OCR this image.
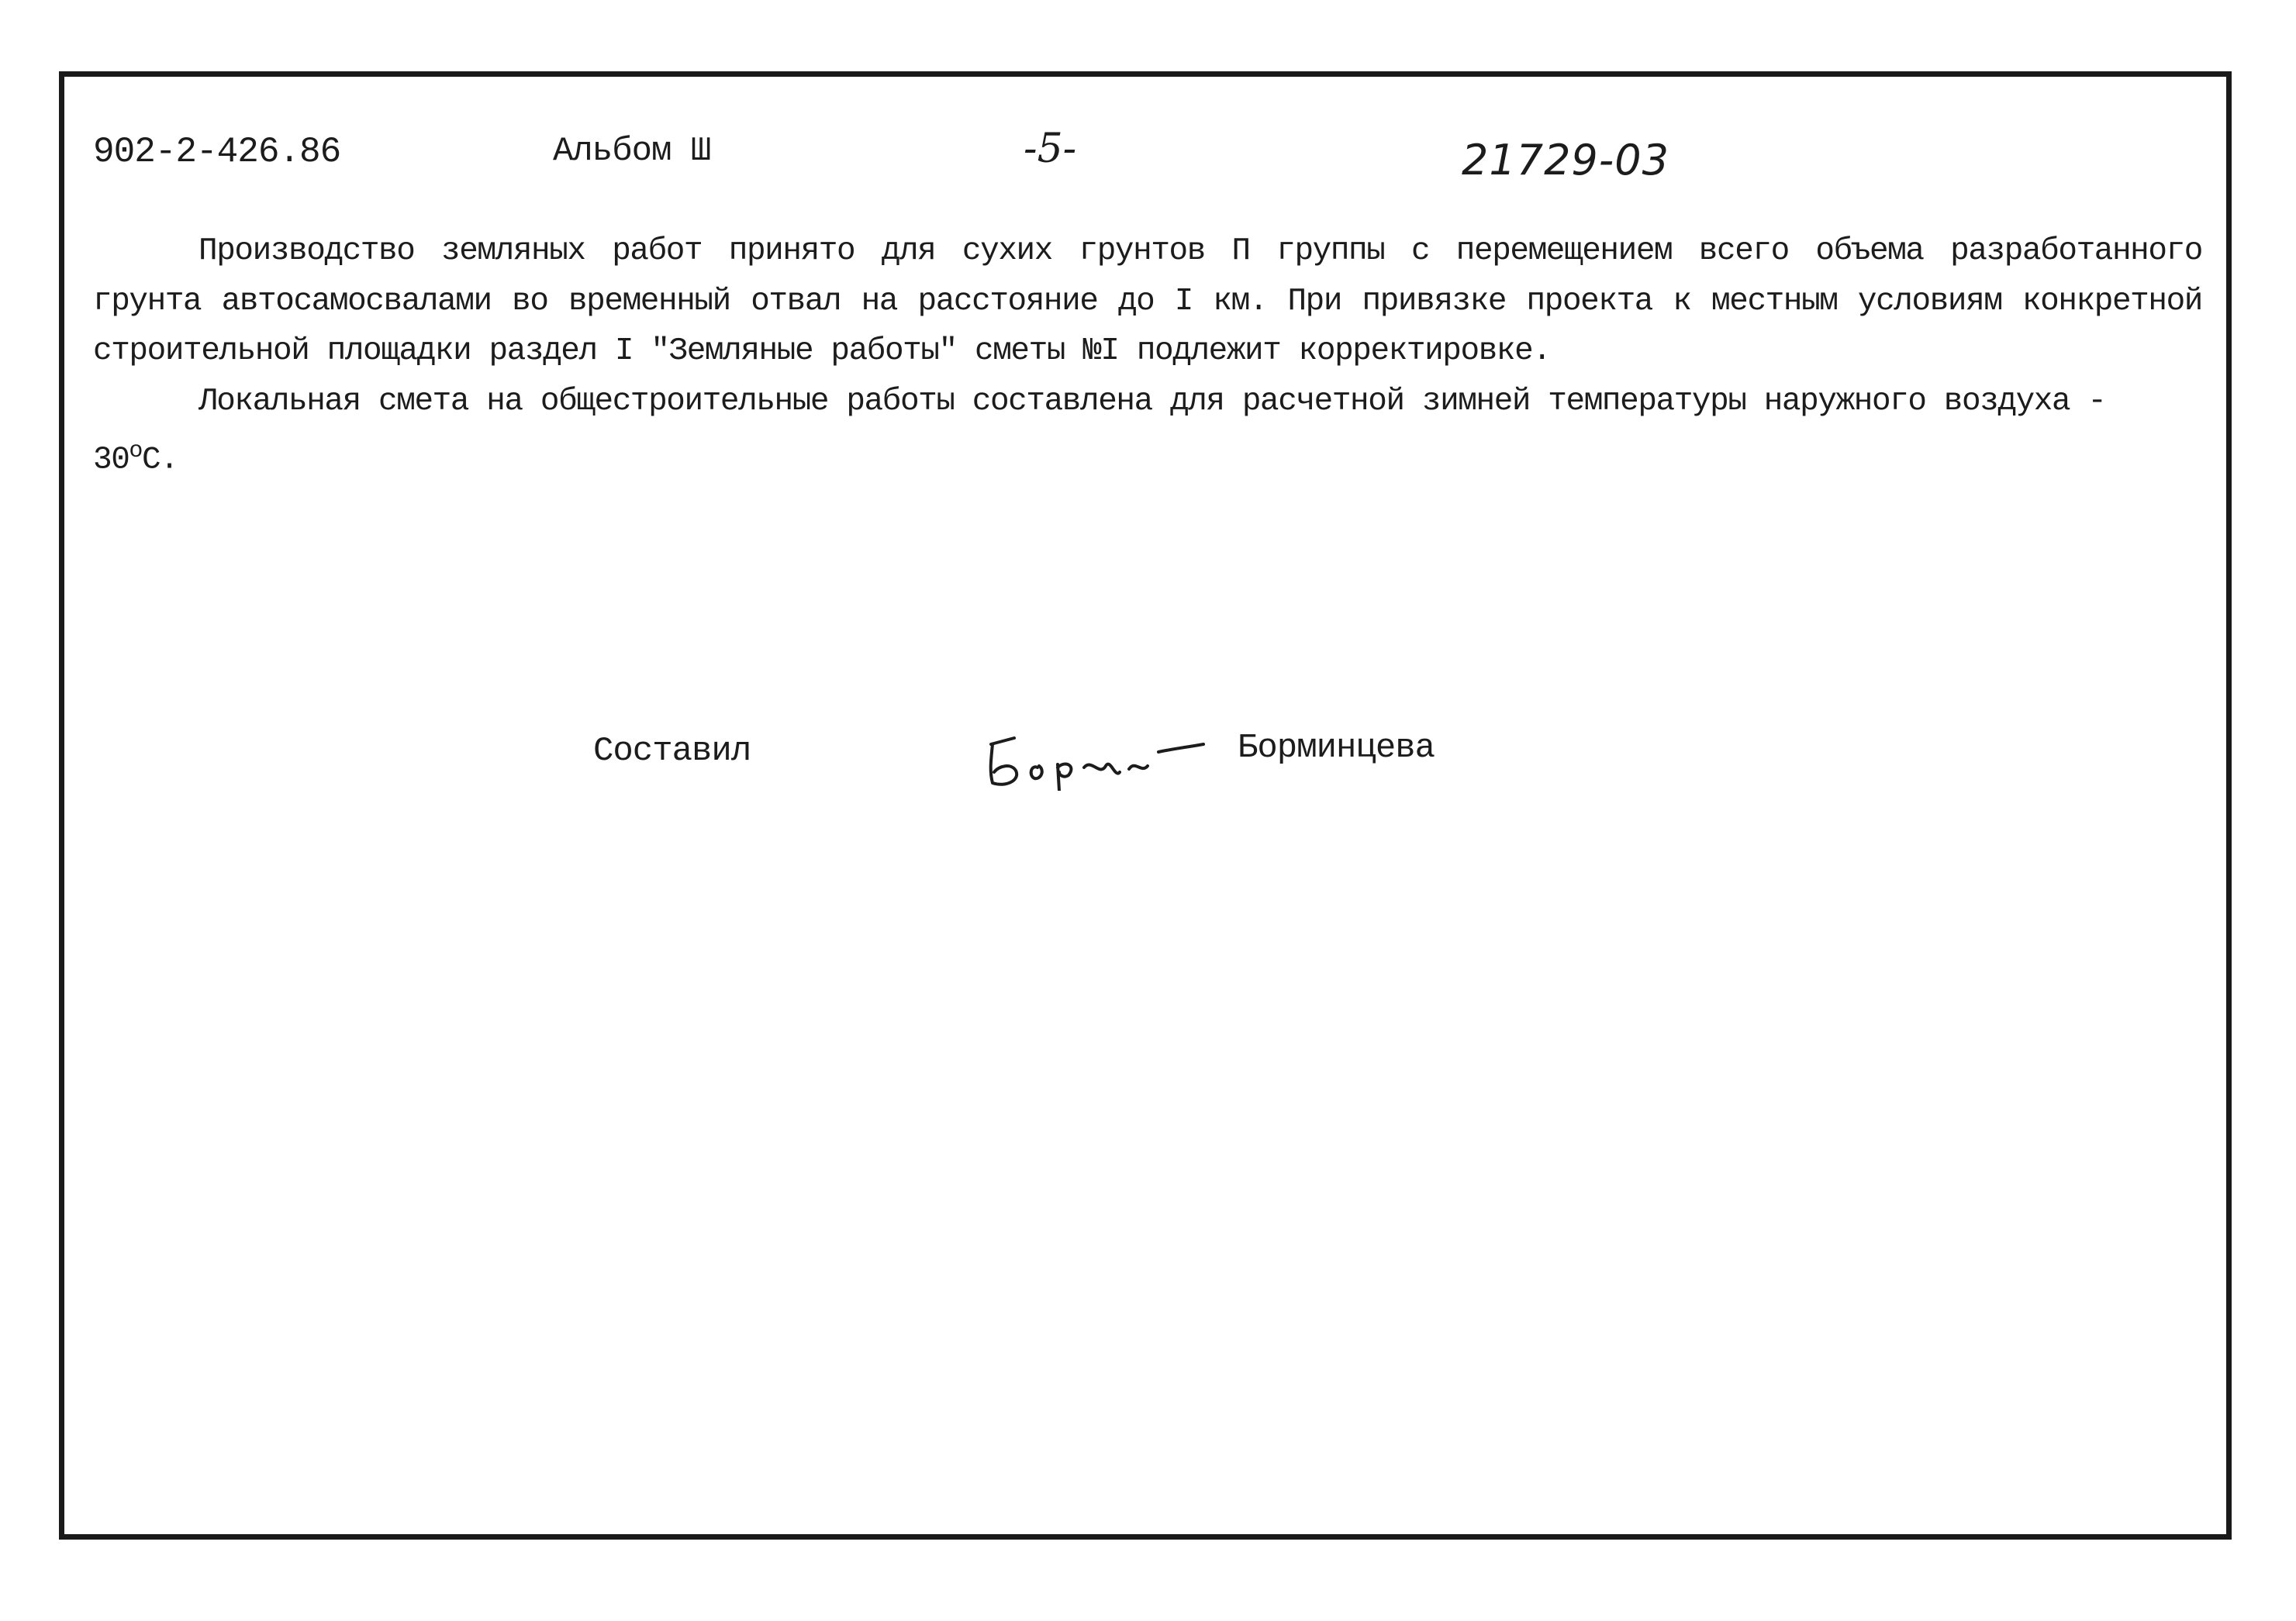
902-2-426.86	Альбом Ш	-5-	21729-03

Производство земляных работ принято для сухих грунтов П группы с перемещением всего объема разработанного грунта автосамосвалами во временный отвал на расстояние до I км. При привязке проекта к местным условиям конкретной строительной площадки раздел I "Земляные работы" сметы №I подлежит корректировке.

Локальная смета на общестроительные работы составлена для расчетной зимней температуры наружного воздуха - $30^оС$.

Составил	Борминцева
